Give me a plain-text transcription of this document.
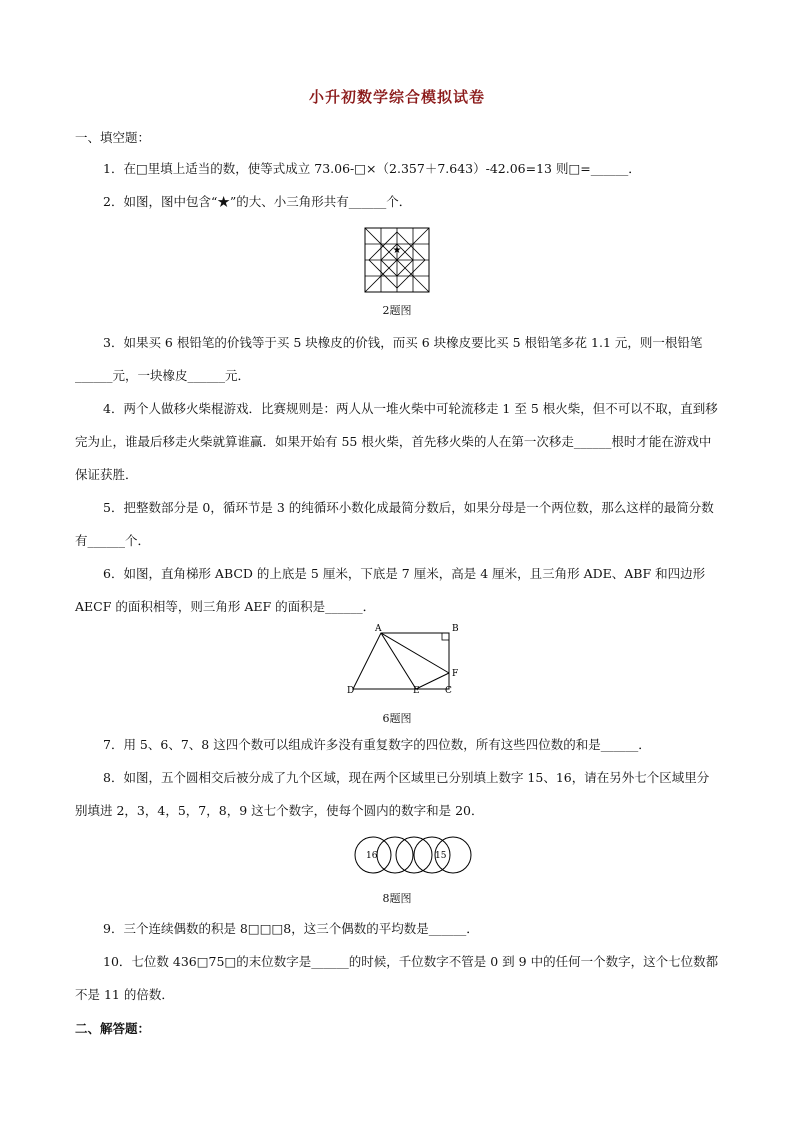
小升初数学综合模拟试卷
一、填空题：
1．在□里填上适当的数，使等式成立 73.06-□×（2.357＋7.643）-42.06=13 则□=______．
2．如图，图中包含“★”的大、小三角形共有______个．
★
2题图
3．如果买 6 根铅笔的价钱等于买 5 块橡皮的价钱，而买 6 块橡皮要比买 5 根铅笔多花 1.1 元，则一根铅笔______元，一块橡皮______元．
4．两个人做移火柴棍游戏．比赛规则是：两人从一堆火柴中可轮流移走 1 至 5 根火柴，但不可以不取，直到移完为止，谁最后移走火柴就算谁赢．如果开始有 55 根火柴，首先移火柴的人在第一次移走______根时才能在游戏中保证获胜．
5．把整数部分是 0，循环节是 3 的纯循环小数化成最简分数后，如果分母是一个两位数，那么这样的最简分数有______个．
6．如图，直角梯形 ABCD 的上底是 5 厘米，下底是 7 厘米，高是 4 厘米，且三角形 ADE、ABF 和四边形 AECF 的面积相等，则三角形 AEF 的面积是______．
A	B
F
D	E	C
6题图
7．用 5、6、7、8 这四个数可以组成许多没有重复数字的四位数，所有这些四位数的和是______．
8．如图，五个圆相交后被分成了九个区域，现在两个区域里已分别填上数字 15、16，请在另外七个区域里分别填进 2，3，4，5，7，8，9 这七个数字，使每个圆内的数字和是 20．
16	15
8题图
9．三个连续偶数的积是 8□□□8，这三个偶数的平均数是______．
10．七位数 436□75□的末位数字是______的时候，千位数字不管是 0 到 9 中的任何一个数字，这个七位数都不是 11 的倍数．
二、解答题：
